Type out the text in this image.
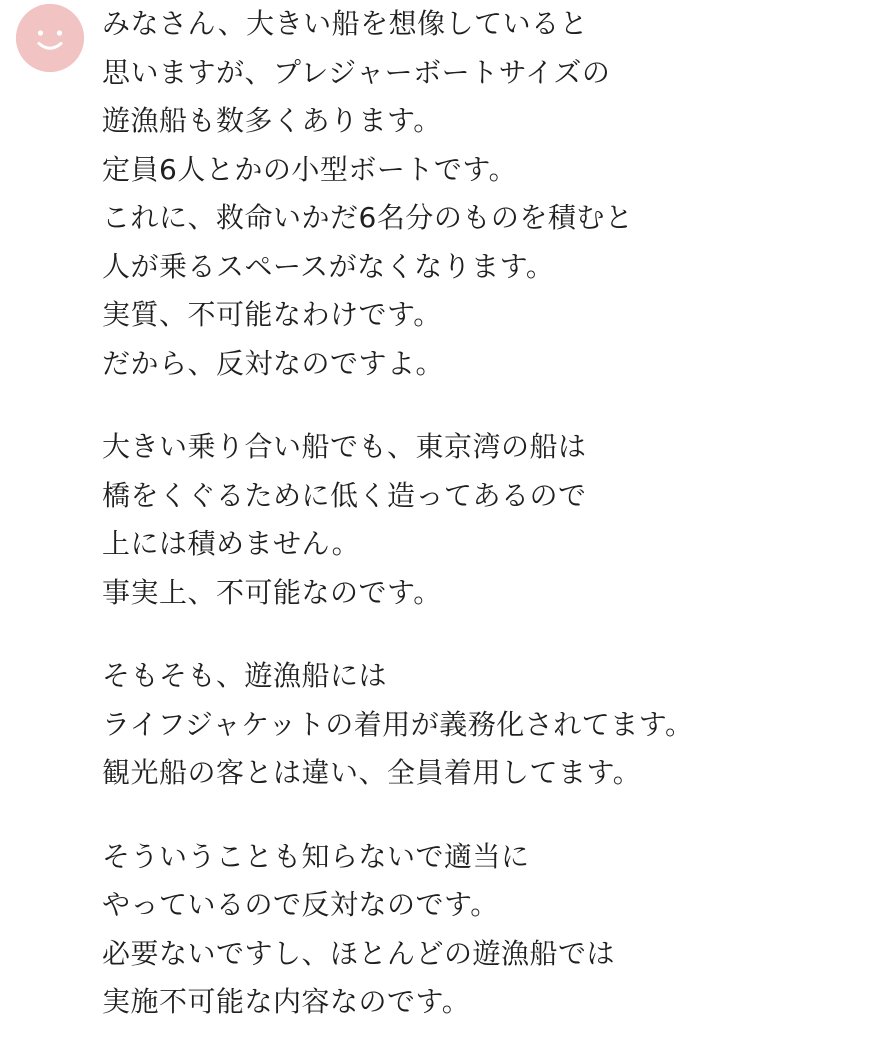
みなさん、大きい船を想像していると
思いますが、プレジャーボートサイズの
遊漁船も数多くあります。
定員6人とかの小型ボートです。
これに、救命いかだ6名分のものを積むと
人が乗るスペースがなくなります。
実質、不可能なわけです。
だから、反対なのですよ。

大きい乗り合い船でも、東京湾の船は
橋をくぐるために低く造ってあるので
上には積めません。
事実上、不可能なのです。

そもそも、遊漁船には
ライフジャケットの着用が義務化されてます。
観光船の客とは違い、全員着用してます。

そういうことも知らないで適当に
やっているので反対なのです。
必要ないですし、ほとんどの遊漁船では
実施不可能な内容なのです。
